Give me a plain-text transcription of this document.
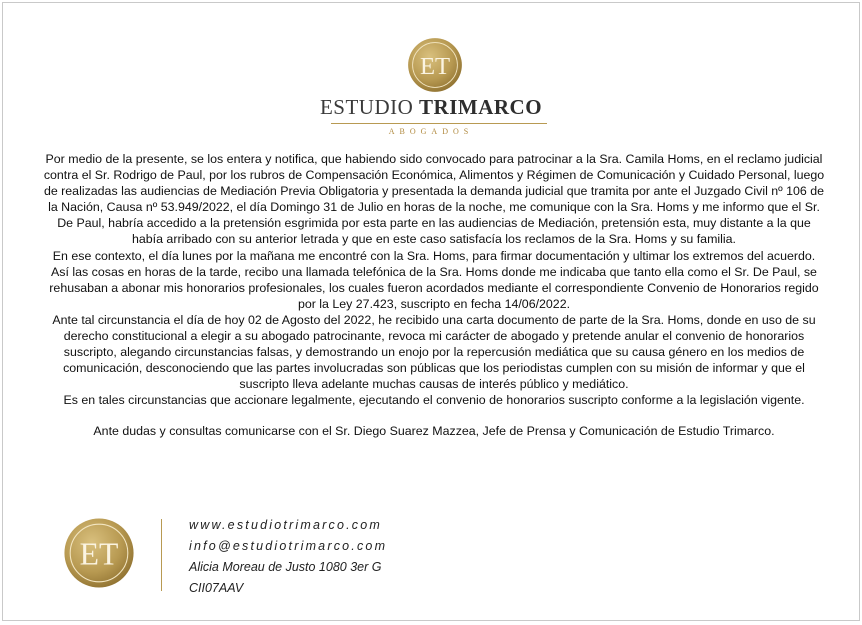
ET
ESTUDIO TRIMARCO
ABOGADOS

Por medio de la presente, se los entera y notifica, que habiendo sido convocado para patrocinar a la Sra. Camila Homs, en el reclamo judicial contra el Sr. Rodrigo de Paul, por los rubros de Compensación Económica, Alimentos y Régimen de Comunicación y Cuidado Personal, luego de realizadas las audiencias de Mediación Previa Obligatoria y presentada la demanda judicial que tramita por ante el Juzgado Civil nº 106 de la Nación, Causa nº 53.949/2022, el día Domingo 31 de Julio en horas de la noche, me comunique con la Sra. Homs y me informo que el Sr. De Paul, habría accedido a la pretensión esgrimida por esta parte en las audiencias de Mediación, pretensión esta, muy distante a la que había arribado con su anterior letrada y que en este caso satisfacía los reclamos de la Sra. Homs y su familia.

En ese contexto, el día lunes por la mañana me encontré con la Sra. Homs, para firmar documentación y ultimar los extremos del acuerdo.

Así las cosas en horas de la tarde, recibo una llamada telefónica de la Sra. Homs donde me indicaba que tanto ella como el Sr. De Paul, se rehusaban a abonar mis honorarios profesionales, los cuales fueron acordados mediante el correspondiente Convenio de Honorarios regido por la Ley 27.423, suscripto en fecha 14/06/2022.

Ante tal circunstancia el día de hoy 02 de Agosto del 2022, he recibido una carta documento de parte de la Sra. Homs, donde en uso de su derecho constitucional a elegir a su abogado patrocinante, revoca mi carácter de abogado y pretende anular el convenio de honorarios suscripto, alegando circunstancias falsas, y demostrando un enojo por la repercusión mediática que su causa género en los medios de comunicación, desconociendo que las partes involucradas son públicas que los periodistas cumplen con su misión de informar y que el suscripto lleva adelante muchas causas de interés público y mediático.

Es en tales circunstancias que accionare legalmente, ejecutando el convenio de honorarios suscripto conforme a la legislación vigente.

Ante dudas y consultas comunicarse con el Sr. Diego Suarez Mazzea, Jefe de Prensa y Comunicación de Estudio Trimarco.

ET
www.estudiotrimarco.com
info@estudiotrimarco.com
Alicia Moreau de Justo 1080 3er G
CII07AAV
